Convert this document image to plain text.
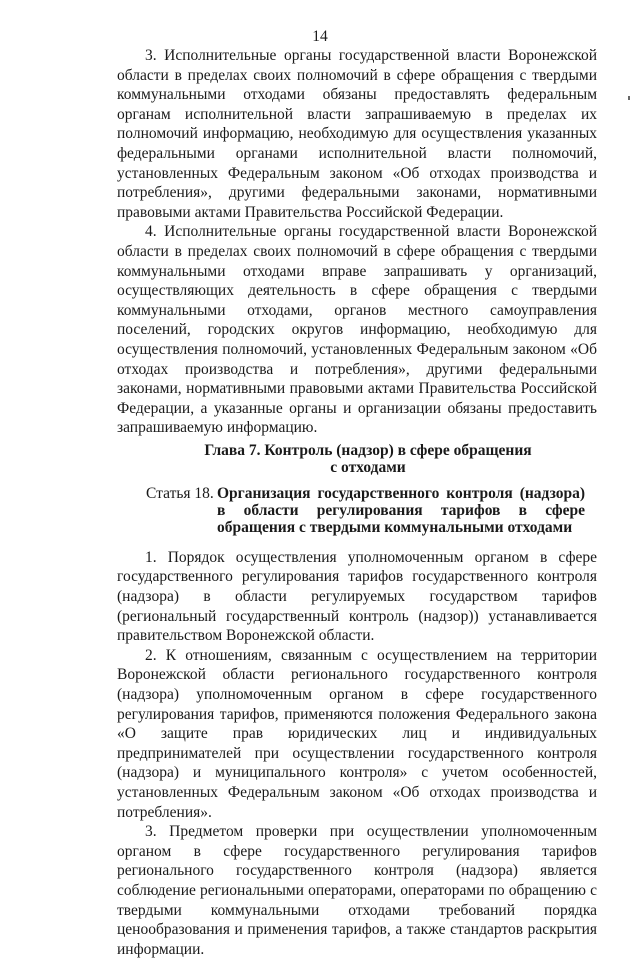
14

3. Исполнительные органы государственной власти Воронежской области в пределах своих полномочий в сфере обращения с твердыми коммунальными отходами обязаны предоставлять федеральным органам исполнительной власти запрашиваемую в пределах их полномочий информацию, необходимую для осуществления указанных федеральными органами исполнительной власти полномочий, установленных Федеральным законом «Об отходах производства и потребления», другими федеральными законами, нормативными правовыми актами Правительства Российской Федерации.

4. Исполнительные органы государственной власти Воронежской области в пределах своих полномочий в сфере обращения с твердыми коммунальными отходами вправе запрашивать у организаций, осуществляющих деятельность в сфере обращения с твердыми коммунальными отходами, органов местного самоуправления поселений, городских округов информацию, необходимую для осуществления полномочий, установленных Федеральным законом «Об отходах производства и потребления», другими федеральными законами, нормативными правовыми актами Правительства Российской Федерации, а указанные органы и организации обязаны предоставить запрашиваемую информацию.

Глава 7. Контроль (надзор) в сфере обращения

с отходами

Статья 18. Организация государственного контроля (надзора) в области регулирования тарифов в сфере обращения с твердыми коммунальными отходами

1. Порядок осуществления уполномоченным органом в сфере государственного регулирования тарифов государственного контроля (надзора) в области регулируемых государством тарифов (региональный государственный контроль (надзор)) устанавливается правительством Воронежской области.

2. К отношениям, связанным с осуществлением на территории Воронежской области регионального государственного контроля (надзора) уполномоченным органом в сфере государственного регулирования тарифов, применяются положения Федерального закона «О защите прав юридических лиц и индивидуальных предпринимателей при осуществлении государственного контроля (надзора) и муниципального контроля» с учетом особенностей, установленных Федеральным законом «Об отходах производства и потребления».

3. Предметом проверки при осуществлении уполномоченным органом в сфере государственного регулирования тарифов регионального государственного контроля (надзора) является соблюдение региональными операторами, операторами по обращению с твердыми коммунальными отходами требований порядка ценообразования и применения тарифов, а также стандартов раскрытия информации.
